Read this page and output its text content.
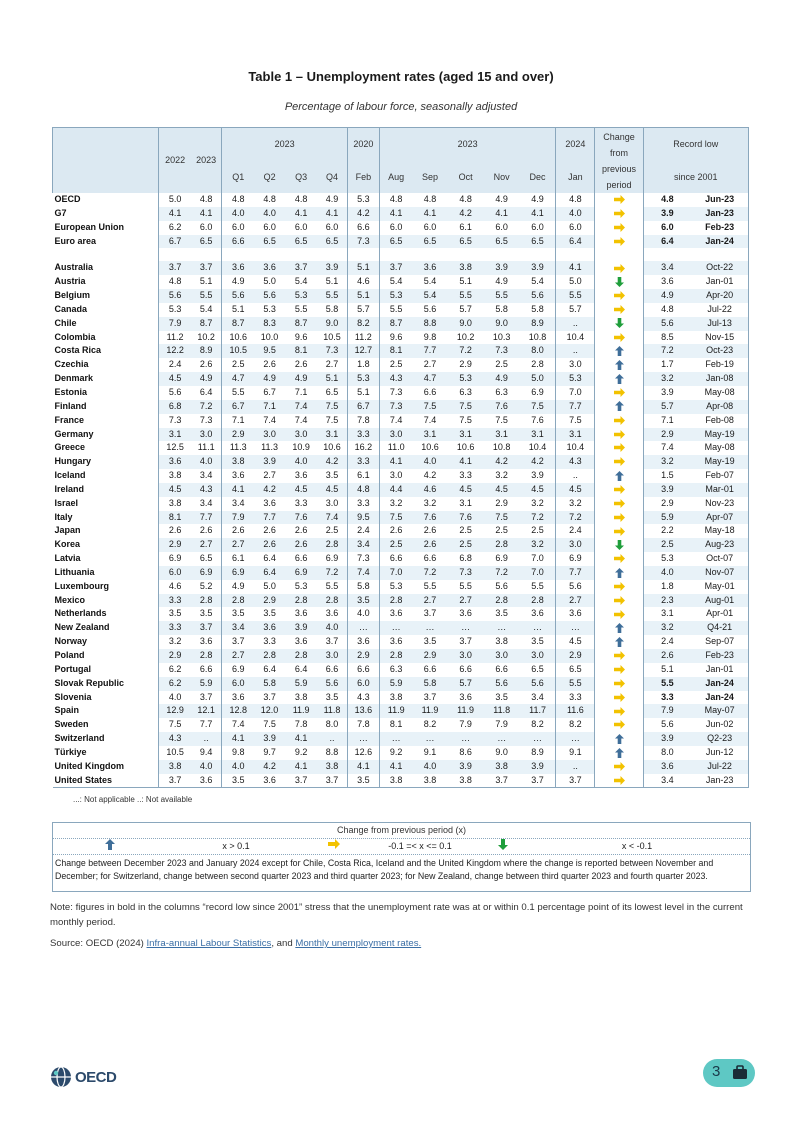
Table 1 – Unemployment rates (aged 15 and over)
Percentage of labour force, seasonally adjusted
	2022	2023	2023				2020	2023					2024	Change
from
previous
period	Record low	
			Q1	Q2	Q3	Q4	Feb	Aug	Sep	Oct	Nov	Dec	Jan		since 2001	
OECD	5.0	4.8	4.8	4.8	4.8	4.9	5.3	4.8	4.8	4.8	4.9	4.9	4.8		4.8	Jun-23
G7	4.1	4.1	4.0	4.0	4.1	4.1	4.2	4.1	4.1	4.2	4.1	4.1	4.0		3.9	Jan-23
European Union	6.2	6.0	6.0	6.0	6.0	6.0	6.6	6.0	6.0	6.1	6.0	6.0	6.0		6.0	Feb-23
Euro area	6.7	6.5	6.6	6.5	6.5	6.5	7.3	6.5	6.5	6.5	6.5	6.5	6.4		6.4	Jan-24

Australia	3.7	3.7	3.6	3.6	3.7	3.9	5.1	3.7	3.6	3.8	3.9	3.9	4.1		3.4	Oct-22
Austria	4.8	5.1	4.9	5.0	5.4	5.1	4.6	5.4	5.4	5.1	4.9	5.4	5.0		3.6	Jan-01
Belgium	5.6	5.5	5.6	5.6	5.3	5.5	5.1	5.3	5.4	5.5	5.5	5.6	5.5		4.9	Apr-20
Canada	5.3	5.4	5.1	5.3	5.5	5.8	5.7	5.5	5.6	5.7	5.8	5.8	5.7		4.8	Jul-22
Chile	7.9	8.7	8.7	8.3	8.7	9.0	8.2	8.7	8.8	9.0	9.0	8.9	..		5.6	Jul-13
Colombia	11.2	10.2	10.6	10.0	9.6	10.5	11.2	9.6	9.8	10.2	10.3	10.8	10.4		8.5	Nov-15
Costa Rica	12.2	8.9	10.5	9.5	8.1	7.3	12.7	8.1	7.7	7.2	7.3	8.0	..		7.2	Oct-23
Czechia	2.4	2.6	2.5	2.6	2.6	2.7	1.8	2.5	2.7	2.9	2.5	2.8	3.0		1.7	Feb-19
Denmark	4.5	4.9	4.7	4.9	4.9	5.1	5.3	4.3	4.7	5.3	4.9	5.0	5.3		3.2	Jan-08
Estonia	5.6	6.4	5.5	6.7	7.1	6.5	5.1	7.3	6.6	6.3	6.3	6.9	7.0		3.9	May-08
Finland	6.8	7.2	6.7	7.1	7.4	7.5	6.7	7.3	7.5	7.5	7.6	7.5	7.7		5.7	Apr-08
France	7.3	7.3	7.1	7.4	7.4	7.5	7.8	7.4	7.4	7.5	7.5	7.6	7.5		7.1	Feb-08
Germany	3.1	3.0	2.9	3.0	3.0	3.1	3.3	3.0	3.1	3.1	3.1	3.1	3.1		2.9	May-19
Greece	12.5	11.1	11.3	11.3	10.9	10.6	16.2	11.0	10.6	10.6	10.8	10.4	10.4		7.4	May-08
Hungary	3.6	4.0	3.8	3.9	4.0	4.2	3.3	4.1	4.0	4.1	4.2	4.2	4.3		3.2	May-19
Iceland	3.8	3.4	3.6	2.7	3.6	3.5	6.1	3.0	4.2	3.3	3.2	3.9	..		1.5	Feb-07
Ireland	4.5	4.3	4.1	4.2	4.5	4.5	4.8	4.4	4.6	4.5	4.5	4.5	4.5		3.9	Mar-01
Israel	3.8	3.4	3.4	3.6	3.3	3.0	3.3	3.2	3.2	3.1	2.9	3.2	3.2		2.9	Nov-23
Italy	8.1	7.7	7.9	7.7	7.6	7.4	9.5	7.5	7.6	7.6	7.5	7.2	7.2		5.9	Apr-07
Japan	2.6	2.6	2.6	2.6	2.6	2.5	2.4	2.6	2.6	2.5	2.5	2.5	2.4		2.2	May-18
Korea	2.9	2.7	2.7	2.6	2.6	2.8	3.4	2.5	2.6	2.5	2.8	3.2	3.0		2.5	Aug-23
Latvia	6.9	6.5	6.1	6.4	6.6	6.9	7.3	6.6	6.6	6.8	6.9	7.0	6.9		5.3	Oct-07
Lithuania	6.0	6.9	6.9	6.4	6.9	7.2	7.4	7.0	7.2	7.3	7.2	7.0	7.7		4.0	Nov-07
Luxembourg	4.6	5.2	4.9	5.0	5.3	5.5	5.8	5.3	5.5	5.5	5.6	5.5	5.6		1.8	May-01
Mexico	3.3	2.8	2.8	2.9	2.8	2.8	3.5	2.8	2.7	2.7	2.8	2.8	2.7		2.3	Aug-01
Netherlands	3.5	3.5	3.5	3.5	3.6	3.6	4.0	3.6	3.7	3.6	3.5	3.6	3.6		3.1	Apr-01
New Zealand	3.3	3.7	3.4	3.6	3.9	4.0	…	…	…	…	…	…	…		3.2	Q4-21
Norway	3.2	3.6	3.7	3.3	3.6	3.7	3.6	3.6	3.5	3.7	3.8	3.5	4.5		2.4	Sep-07
Poland	2.9	2.8	2.7	2.8	2.8	3.0	2.9	2.8	2.9	3.0	3.0	3.0	2.9		2.6	Feb-23
Portugal	6.2	6.6	6.9	6.4	6.4	6.6	6.6	6.3	6.6	6.6	6.6	6.5	6.5		5.1	Jan-01
Slovak Republic	6.2	5.9	6.0	5.8	5.9	5.6	6.0	5.9	5.8	5.7	5.6	5.6	5.5		5.5	Jan-24
Slovenia	4.0	3.7	3.6	3.7	3.8	3.5	4.3	3.8	3.7	3.6	3.5	3.4	3.3		3.3	Jan-24
Spain	12.9	12.1	12.8	12.0	11.9	11.8	13.6	11.9	11.9	11.9	11.8	11.7	11.6		7.9	May-07
Sweden	7.5	7.7	7.4	7.5	7.8	8.0	7.8	8.1	8.2	7.9	7.9	8.2	8.2		5.6	Jun-02
Switzerland	4.3	..	4.1	3.9	4.1	..	…	…	…	…	…	…	…		3.9	Q2-23
Türkiye	10.5	9.4	9.8	9.7	9.2	8.8	12.6	9.2	9.1	8.6	9.0	8.9	9.1		8.0	Jun-12
United Kingdom	3.8	4.0	4.0	4.2	4.1	3.8	4.1	4.1	4.0	3.9	3.8	3.9	..		3.6	Jul-22
United States	3.7	3.6	3.5	3.6	3.7	3.7	3.5	3.8	3.8	3.8	3.7	3.7	3.7		3.4	Jan-23
...: Not applicable ..: Not available
Change from previous period (x)
x > 0.1	-0.1 =< x <= 0.1	x < -0.1
Change between December 2023 and January 2024 except for Chile, Costa Rica, Iceland and the United Kingdom where the change is reported between November and December; for Switzerland, change between second quarter 2023 and third quarter 2023; for New Zealand, change between third quarter 2023 and fourth quarter 2023.
Note: figures in bold in the columns “record low since 2001” stress that the unemployment rate was at or within 0.1 percentage point of its lowest level in the current monthly period.
Source: OECD (2024) Infra-annual Labour Statistics, and Monthly unemployment rates.
OECD	3
